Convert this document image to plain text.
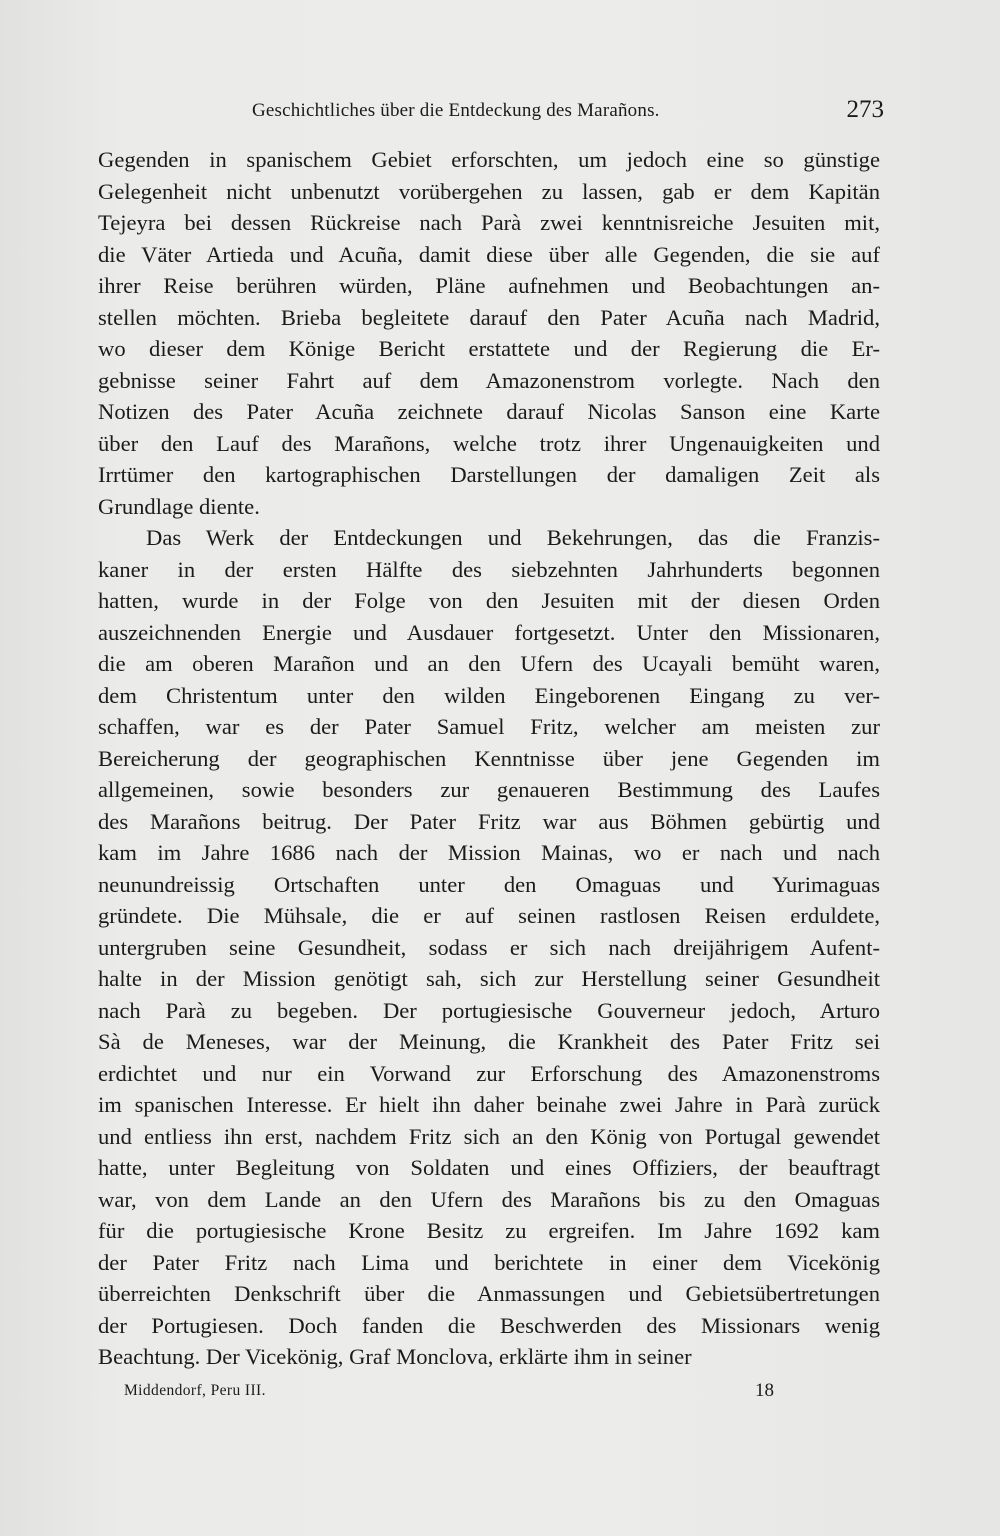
Geschichtliches über die Entdeckung des Marañons.	273
Gegenden in spanischem Gebiet erforschten, um jedoch eine so günstige
Gelegenheit nicht unbenutzt vorübergehen zu lassen, gab er dem Kapitän
Tejeyra bei dessen Rückreise nach Parà zwei kenntnisreiche Jesuiten mit,
die Väter Artieda und Acuña, damit diese über alle Gegenden, die sie auf
ihrer Reise berühren würden, Pläne aufnehmen und Beobachtungen an-
stellen möchten. Brieba begleitete darauf den Pater Acuña nach Madrid,
wo dieser dem Könige Bericht erstattete und der Regierung die Er-
gebnisse seiner Fahrt auf dem Amazonenstrom vorlegte. Nach den
Notizen des Pater Acuña zeichnete darauf Nicolas Sanson eine Karte
über den Lauf des Marañons, welche trotz ihrer Ungenauigkeiten und
Irrtümer den kartographischen Darstellungen der damaligen Zeit als
Grundlage diente.
Das Werk der Entdeckungen und Bekehrungen, das die Franzis-
kaner in der ersten Hälfte des siebzehnten Jahrhunderts begonnen
hatten, wurde in der Folge von den Jesuiten mit der diesen Orden
auszeichnenden Energie und Ausdauer fortgesetzt. Unter den Missionaren,
die am oberen Marañon und an den Ufern des Ucayali bemüht waren,
dem Christentum unter den wilden Eingeborenen Eingang zu ver-
schaffen, war es der Pater Samuel Fritz, welcher am meisten zur
Bereicherung der geographischen Kenntnisse über jene Gegenden im
allgemeinen, sowie besonders zur genaueren Bestimmung des Laufes
des Marañons beitrug. Der Pater Fritz war aus Böhmen gebürtig und
kam im Jahre 1686 nach der Mission Mainas, wo er nach und nach
neunundreissig Ortschaften unter den Omaguas und Yurimaguas
gründete. Die Mühsale, die er auf seinen rastlosen Reisen erduldete,
untergruben seine Gesundheit, sodass er sich nach dreijährigem Aufent-
halte in der Mission genötigt sah, sich zur Herstellung seiner Gesundheit
nach Parà zu begeben. Der portugiesische Gouverneur jedoch, Arturo
Sà de Meneses, war der Meinung, die Krankheit des Pater Fritz sei
erdichtet und nur ein Vorwand zur Erforschung des Amazonenstroms
im spanischen Interesse. Er hielt ihn daher beinahe zwei Jahre in Parà zurück
und entliess ihn erst, nachdem Fritz sich an den König von Portugal gewendet
hatte, unter Begleitung von Soldaten und eines Offiziers, der beauftragt
war, von dem Lande an den Ufern des Marañons bis zu den Omaguas
für die portugiesische Krone Besitz zu ergreifen. Im Jahre 1692 kam
der Pater Fritz nach Lima und berichtete in einer dem Vicekönig
überreichten Denkschrift über die Anmassungen und Gebietsübertretungen
der Portugiesen. Doch fanden die Beschwerden des Missionars wenig
Beachtung. Der Vicekönig, Graf Monclova, erklärte ihm in seiner
Middendorf, Peru III.	18
